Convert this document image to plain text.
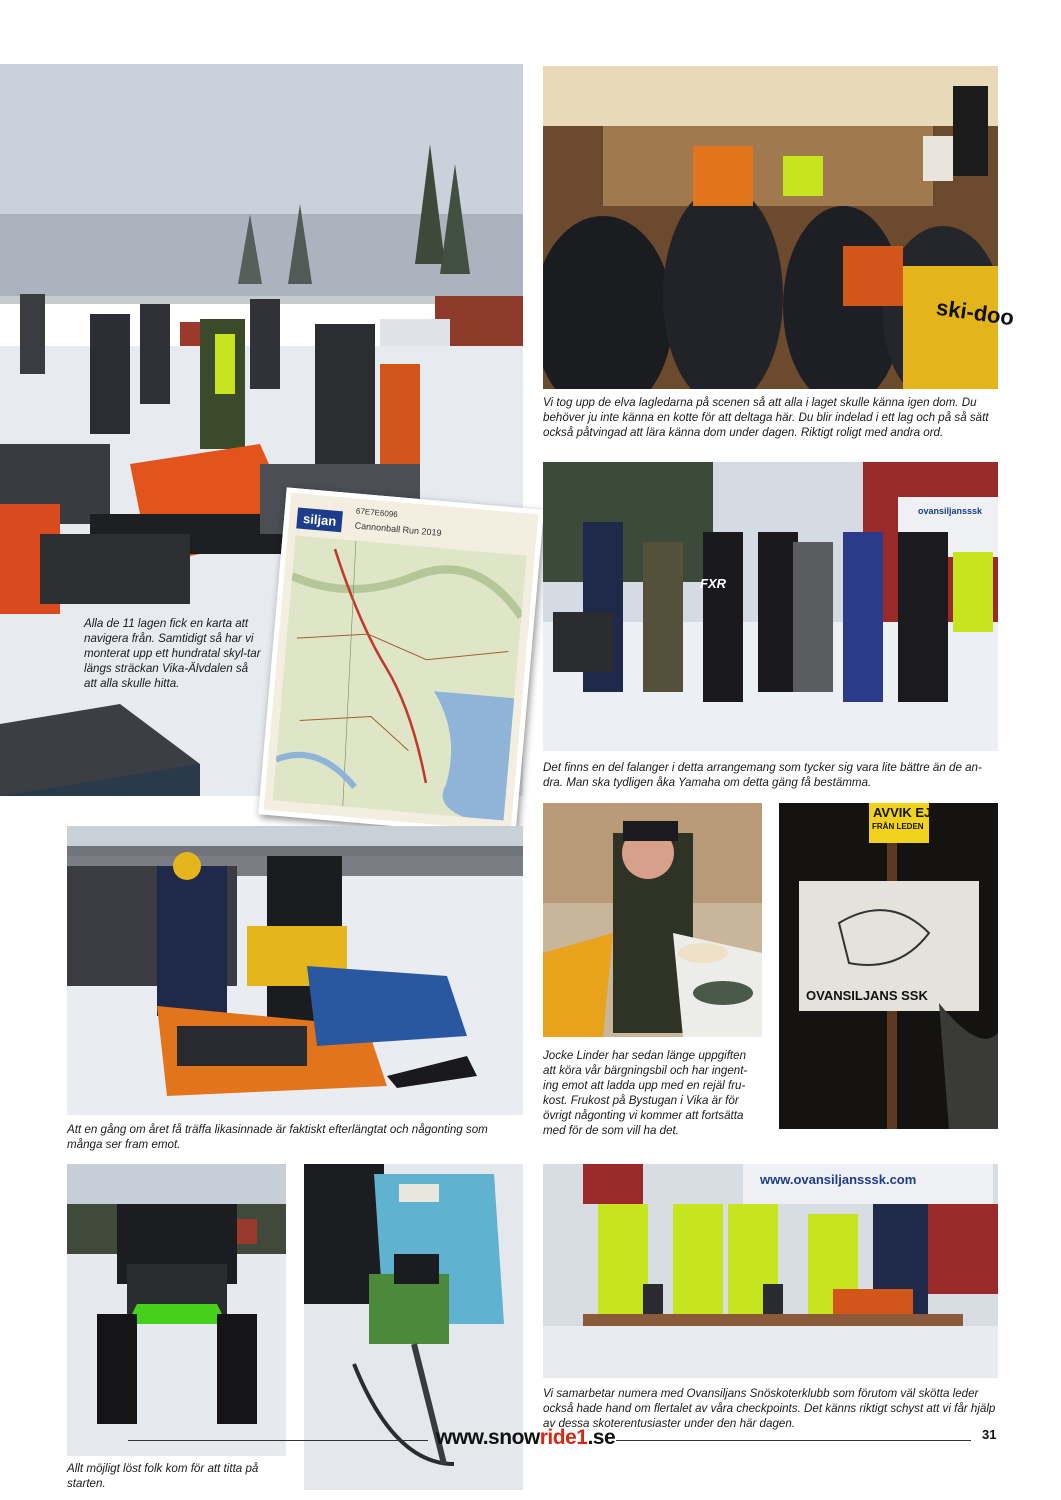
siljan	67E7E6096
Cannonball Run 2019

Alla de 11 lagen fick en karta att navigera från. Samtidigt så har vi monterat upp ett hundratal skyl-tar längs sträckan Vika-Älvdalen så att alla skulle hitta.

ski-doo

Vi tog upp de elva lagledarna på scenen så att alla i laget skulle känna igen dom. Du behöver ju inte känna en kotte för att deltaga här. Du blir indelad i ett lag och på så sätt också påtvingad att lära känna dom under dagen. Riktigt roligt med andra ord.

FXR
ovansiljansssk

Det finns en del falanger i detta arrangemang som tycker sig vara lite bättre än de an-dra. Man ska tydligen åka Yamaha om detta gäng få bestämma.

Att en gång om året få träffa likasinnade är faktiskt efterlängtat och någonting som många ser fram emot.

AVVIK EJ
FRÅN LEDEN
OVANSILJANS SSK

Jocke Linder har sedan länge uppgiften att köra vår bärgningsbil och har ingent-ing emot att ladda upp med en rejäl fru-kost. Frukost på Bystugan i Vika är för övrigt någonting vi kommer att fortsätta med för de som vill ha det.

Allt möjligt löst folk kom för att titta på starten.

www.ovansiljansssk.com

Vi samarbetar numera med Ovansiljans Snöskoterklubb som förutom väl skötta leder också hade hand om flertalet av våra checkpoints. Det känns riktigt schyst att vi får hjälp av dessa skoterentusiaster under den här dagen.

www.snowride1.se	31
